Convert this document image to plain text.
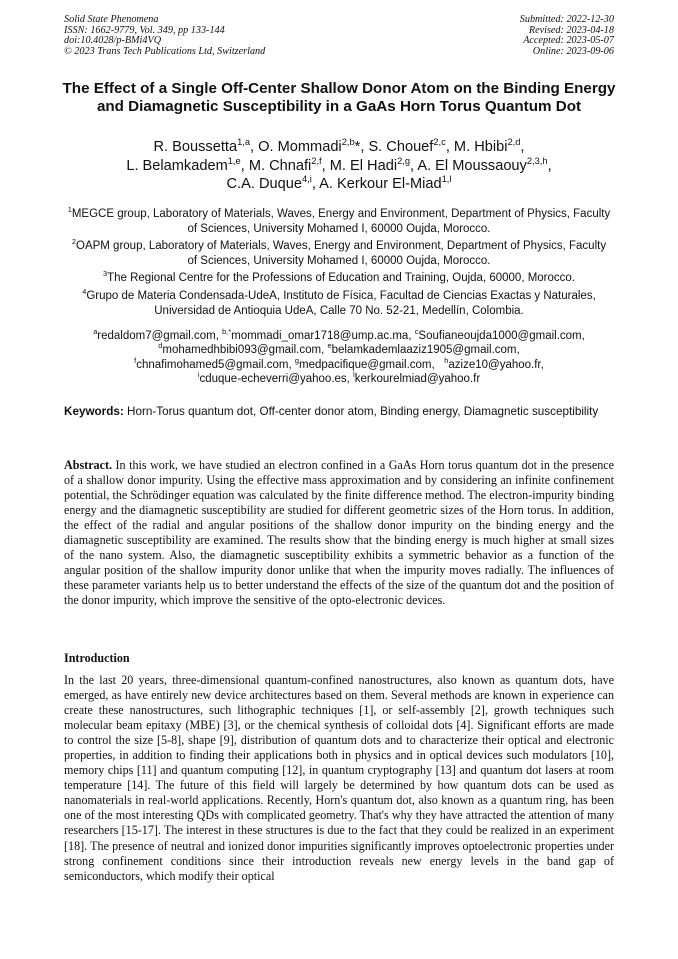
Solid State Phenomena
ISSN: 1662-9779, Vol. 349, pp 133-144
doi:10.4028/p-BMi4VQ
© 2023 Trans Tech Publications Ltd, Switzerland
Submitted: 2022-12-30
Revised: 2023-04-18
Accepted: 2023-05-07
Online: 2023-09-06
The Effect of a Single Off-Center Shallow Donor Atom on the Binding Energy and Diamagnetic Susceptibility in a GaAs Horn Torus Quantum Dot
R. Boussetta$^{1,a}$, O. Mommadi$^{2,b}$*, S. Chouef$^{2,c}$, M. Hbibi$^{2,d}$,
L. Belamkadem$^{1,e}$, M. Chnafi$^{2,f}$, M. El Hadi$^{2,g}$, A. El Moussaouy$^{2,3,h}$,
C.A. Duque$^{4,i}$, A. Kerkour El-Miad$^{1,l}$
$^1$MEGCE group, Laboratory of Materials, Waves, Energy and Environment, Department of Physics, Faculty of Sciences, University Mohamed I, 60000 Oujda, Morocco.
$^2$OAPM group, Laboratory of Materials, Waves, Energy and Environment, Department of Physics, Faculty of Sciences, University Mohamed I, 60000 Oujda, Morocco.
$^3$The Regional Centre for the Professions of Education and Training, Oujda, 60000, Morocco.
$^4$Grupo de Materia Condensada-UdeA, Instituto de Física, Facultad de Ciencias Exactas y Naturales, Universidad de Antioquia UdeA, Calle 70 No. 52-21, Medellín, Colombia.
$^a$redaldom7@gmail.com, $^{b,*}$mommadi_omar1718@ump.ac.ma, $^c$Soufianeoujda1000@gmail.com,
$^d$mohamedhbibi093@gmail.com, $^e$belamkademlaaziz1905@gmail.com,
$^f$chnafimohamed5@gmail.com, $^g$medpacifique@gmail.com, $^h$azize10@yahoo.fr,
$^i$cduque-echeverri@yahoo.es, $^l$kerkourelmiad@yahoo.fr
Keywords: Horn-Torus quantum dot, Off-center donor atom, Binding energy, Diamagnetic susceptibility
Abstract. In this work, we have studied an electron confined in a GaAs Horn torus quantum dot in the presence of a shallow donor impurity. Using the effective mass approximation and by considering an infinite confinement potential, the Schrödinger equation was calculated by the finite difference method. The electron-impurity binding energy and the diamagnetic susceptibility are studied for different geometric sizes of the Horn torus. In addition, the effect of the radial and angular positions of the shallow donor impurity on the binding energy and the diamagnetic susceptibility are examined. The results show that the binding energy is much higher at small sizes of the nano system. Also, the diamagnetic susceptibility exhibits a symmetric behavior as a function of the angular position of the shallow impurity donor unlike that when the impurity moves radially. The influences of these parameter variants help us to better understand the effects of the size of the quantum dot and the position of the donor impurity, which improve the sensitive of the opto-electronic devices.
Introduction
In the last 20 years, three-dimensional quantum-confined nanostructures, also known as quantum dots, have emerged, as have entirely new device architectures based on them. Several methods are known in experience can create these nanostructures, such lithographic techniques [1], or self-assembly [2], growth techniques such molecular beam epitaxy (MBE) [3], or the chemical synthesis of colloidal dots [4]. Significant efforts are made to control the size [5-8], shape [9], distribution of quantum dots and to characterize their optical and electronic properties, in addition to finding their applications both in physics and in optical devices such modulators [10], memory chips [11] and quantum computing [12], in quantum cryptography [13] and quantum dot lasers at room temperature [14]. The future of this field will largely be determined by how quantum dots can be used as nanomaterials in real-world applications. Recently, Horn's quantum dot, also known as a quantum ring, has been one of the most interesting QDs with complicated geometry. That's why they have attracted the attention of many researchers [15-17]. The interest in these structures is due to the fact that they could be realized in an experiment [18]. The presence of neutral and ionized donor impurities significantly improves optoelectronic properties under strong confinement conditions since their introduction reveals new energy levels in the band gap of semiconductors, which modify their optical
